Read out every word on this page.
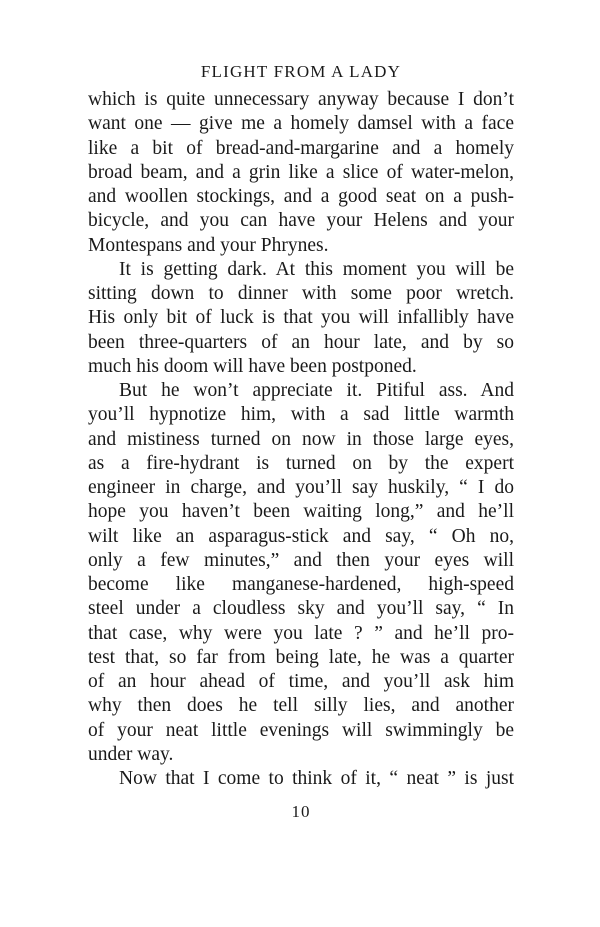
FLIGHT FROM A LADY
which is quite unnecessary anyway because I don’t
want one — give me a homely damsel with a face
like a bit of bread-and-margarine and a homely
broad beam, and a grin like a slice of water-melon,
and woollen stockings, and a good seat on a push-
bicycle, and you can have your Helens and your
Montespans and your Phrynes.
It is getting dark. At this moment you will be
sitting down to dinner with some poor wretch.
His only bit of luck is that you will infallibly have
been three-quarters of an hour late, and by so
much his doom will have been postponed.
But he won’t appreciate it. Pitiful ass. And
you’ll hypnotize him, with a sad little warmth
and mistiness turned on now in those large eyes,
as a fire-hydrant is turned on by the expert
engineer in charge, and you’ll say huskily, “ I do
hope you haven’t been waiting long,” and he’ll
wilt like an asparagus-stick and say, “ Oh no,
only a few minutes,” and then your eyes will
become like manganese-hardened, high-speed
steel under a cloudless sky and you’ll say, “ In
that case, why were you late ? ” and he’ll pro-
test that, so far from being late, he was a quarter
of an hour ahead of time, and you’ll ask him
why then does he tell silly lies, and another
of your neat little evenings will swimmingly be
under way.
Now that I come to think of it, “ neat ” is just
10
